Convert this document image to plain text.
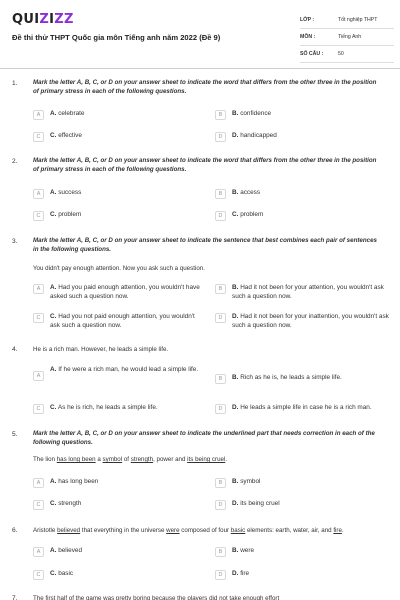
QUIZIZZ
Đề thi thử THPT Quốc gia môn Tiếng anh năm 2022 (Đề 9)
LỚP :	Tốt nghiệp THPT
MÔN :	Tiếng Anh
SỐ CÂU :	50
1.	Mark the letter A, B, C, or D on your answer sheet to indicate the word that differs from the other three in the position of primary stress in each of the following questions.
A	A. celebrate	B	B. confidence
C	C. effective	D	D. handicapped
2.	Mark the letter A, B, C, or D on your answer sheet to indicate the word that differs from the other three in the position of primary stress in each of the following questions.
A	A. success	B	B. access
C	C. problem	D	C. problem
3.	Mark the letter A, B, C, or D on your answer sheet to indicate the sentence that best combines each pair of sentences in the following questions.
You didn't pay enough attention. Now you ask such a question.
A	A. Had you paid enough attention, you wouldn't have asked such a question now.
B	B. Had it not been for your attention, you wouldn't ask such a question now.
C	C. Had you not paid enough attention, you wouldn't ask such a question now.
D	D. Had it not been for your inattention, you wouldn't ask such a question now.
4.	He is a rich man. However, he leads a simple life.
A
A. If he were a rich man, he would lead a simple life.
B	B. Rich as he is, he leads a simple life.
C	C. As he is rich, he leads a simple life.	D	D. He leads a simple life in case he is a rich man.
5.	Mark the letter A, B, C, or D on your answer sheet to indicate the underlined part that needs correction in each of the following questions.
The lion has long been a symbol of strength, power and its being cruel.
A	A. has long been	B	B. symbol
C	C. strength	D	D. its being cruel
6.	Aristotle believed that everything in the universe were composed of four basic elements: earth, water, air, and fire.
A	A. believed	B	B. were
C	C. basic	D	D. fire
7.	The first half of the game was pretty boring because the players did not take enough effort
